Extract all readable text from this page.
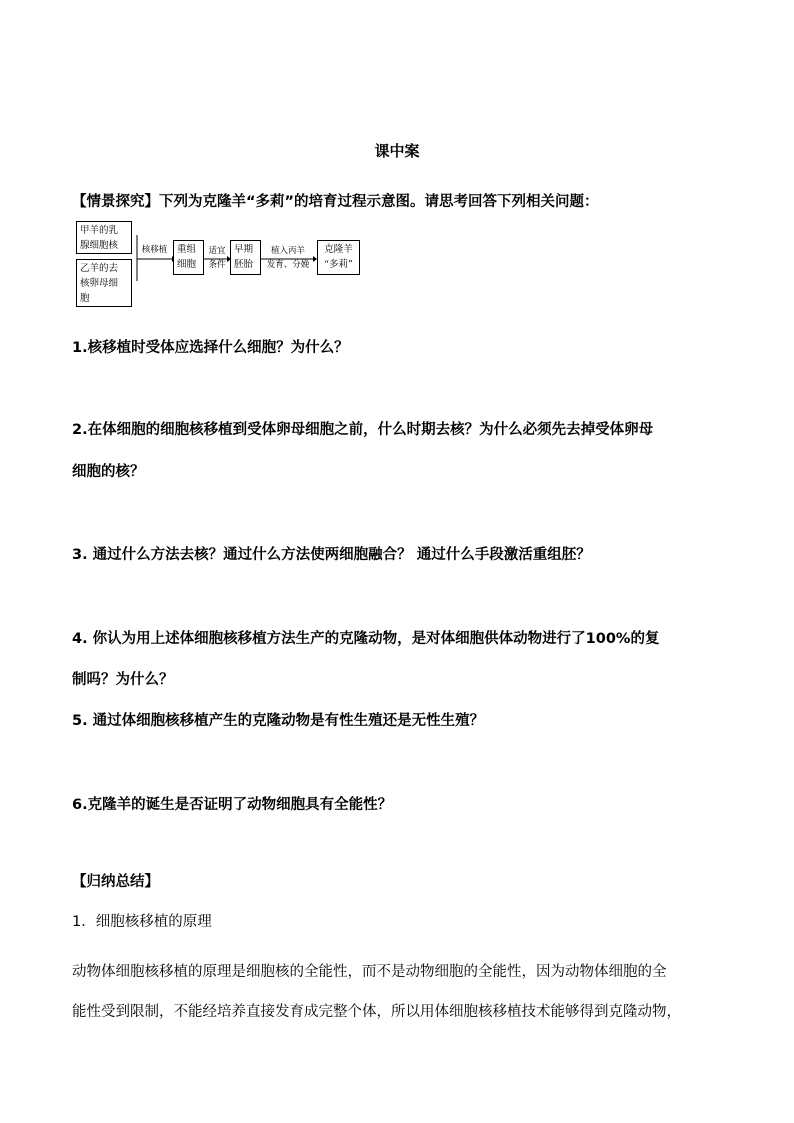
课中案
【情景探究】下列为克隆羊“多莉”的培育过程示意图。请思考回答下列相关问题：
甲羊的乳
腺细胞核
乙羊的去
核卵母细
胞
核移植	重组
细胞
适宜
条件
早期
胚胎
植入丙羊
发育、分娩
克隆羊
“多莉”
1.核移植时受体应选择什么细胞？为什么？
2.在体细胞的细胞核移植到受体卵母细胞之前，什么时期去核？为什么必须先去掉受体卵母
细胞的核？
3. 通过什么方法去核？通过什么方法使两细胞融合？ 通过什么手段激活重组胚？
4. 你认为用上述体细胞核移植方法生产的克隆动物，是对体细胞供体动物进行了100%的复
制吗？为什么？
5. 通过体细胞核移植产生的克隆动物是有性生殖还是无性生殖？
6.克隆羊的诞生是否证明了动物细胞具有全能性？
【归纳总结】
1．细胞核移植的原理
动物体细胞核移植的原理是细胞核的全能性，而不是动物细胞的全能性，因为动物体细胞的全
能性受到限制，不能经培养直接发育成完整个体，所以用体细胞核移植技术能够得到克隆动物，
